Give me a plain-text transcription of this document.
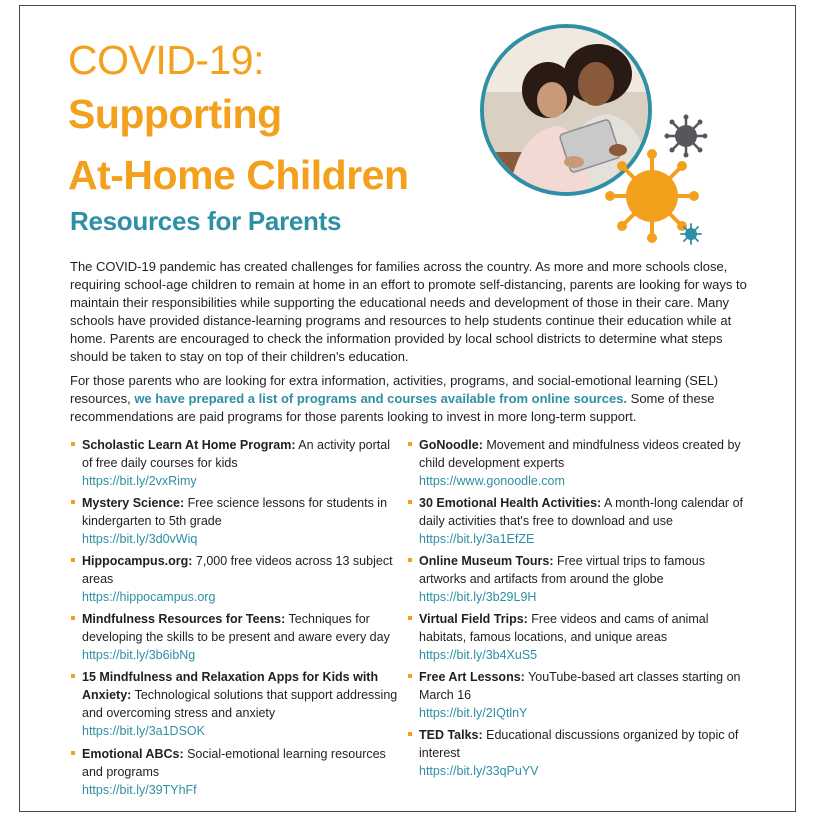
COVID-19:
Supporting
At-Home Children
Resources for Parents

The COVID-19 pandemic has created challenges for families across the country. As more and more schools close, requiring school-age children to remain at home in an effort to promote self-distancing, parents are looking for ways to maintain their responsibilities while supporting the educational needs and development of those in their care. Many schools have provided distance-learning programs and resources to help students continue their education while at home. Parents are encouraged to check the information provided by local school districts to determine what steps should be taken to stay on top of their children's education.

For those parents who are looking for extra information, activities, programs, and social-emotional learning (SEL) resources, we have prepared a list of programs and courses available from online sources. Some of these recommendations are paid programs for those parents looking to invest in more long-term support.

Scholastic Learn At Home Program: An activity portal of free daily courses for kids
https://bit.ly/2vxRimy
Mystery Science: Free science lessons for students in kindergarten to 5th grade
https://bit.ly/3d0vWiq
Hippocampus.org: 7,000 free videos across 13 subject areas
https://hippocampus.org
Mindfulness Resources for Teens: Techniques for developing the skills to be present and aware every day
https://bit.ly/3b6ibNg
15 Mindfulness and Relaxation Apps for Kids with Anxiety: Technological solutions that support addressing and overcoming stress and anxiety
https://bit.ly/3a1DSOK
Emotional ABCs: Social-emotional learning resources and programs
https://bit.ly/39TYhFf
GoNoodle: Movement and mindfulness videos created by child development experts
https://www.gonoodle.com
30 Emotional Health Activities: A month-long calendar of daily activities that's free to download and use
https://bit.ly/3a1EfZE
Online Museum Tours: Free virtual trips to famous artworks and artifacts from around the globe
https://bit.ly/3b29L9H
Virtual Field Trips: Free videos and cams of animal habitats, famous locations, and unique areas
https://bit.ly/3b4XuS5
Free Art Lessons: YouTube-based art classes starting on March 16
https://bit.ly/2IQtlnY
TED Talks: Educational discussions organized by topic of interest
https://bit.ly/33qPuYV
